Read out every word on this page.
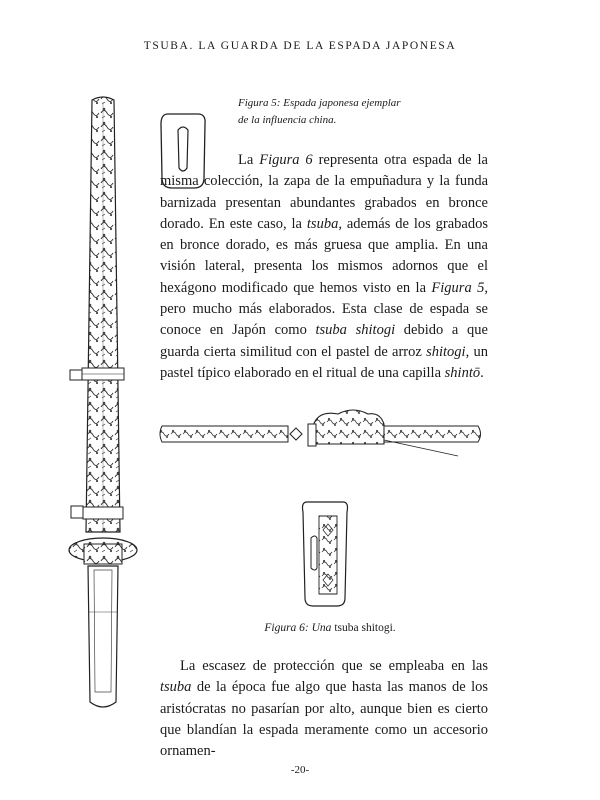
TSUBA. LA GUARDA DE LA ESPADA JAPONESA
Figura 5: Espada japonesa ejemplar
de la influencia china.
La Figura 6 representa otra espada de la misma colección, la zapa de la empuñadura y la funda barnizada presentan abundantes grabados en bronce dorado. En este caso, la tsuba, además de los grabados en bronce dorado, es más gruesa que amplia. En una visión lateral, presenta los mismos adornos que el hexágono modificado que hemos visto en la Figura 5, pero mucho más elaborados. Esta clase de espada se conoce en Japón como tsuba shitogi debido a que guarda cierta similitud con el pastel de arroz shitogi, un pastel típico elaborado en el ritual de una capilla shintō.
Figura 6: Una tsuba shitogi.
La escasez de protección que se empleaba en las tsuba de la época fue algo que hasta las manos de los aristócratas no pasarían por alto, aunque bien es cierto que blandían la espada meramente como un accesorio ornamen-
-20-
